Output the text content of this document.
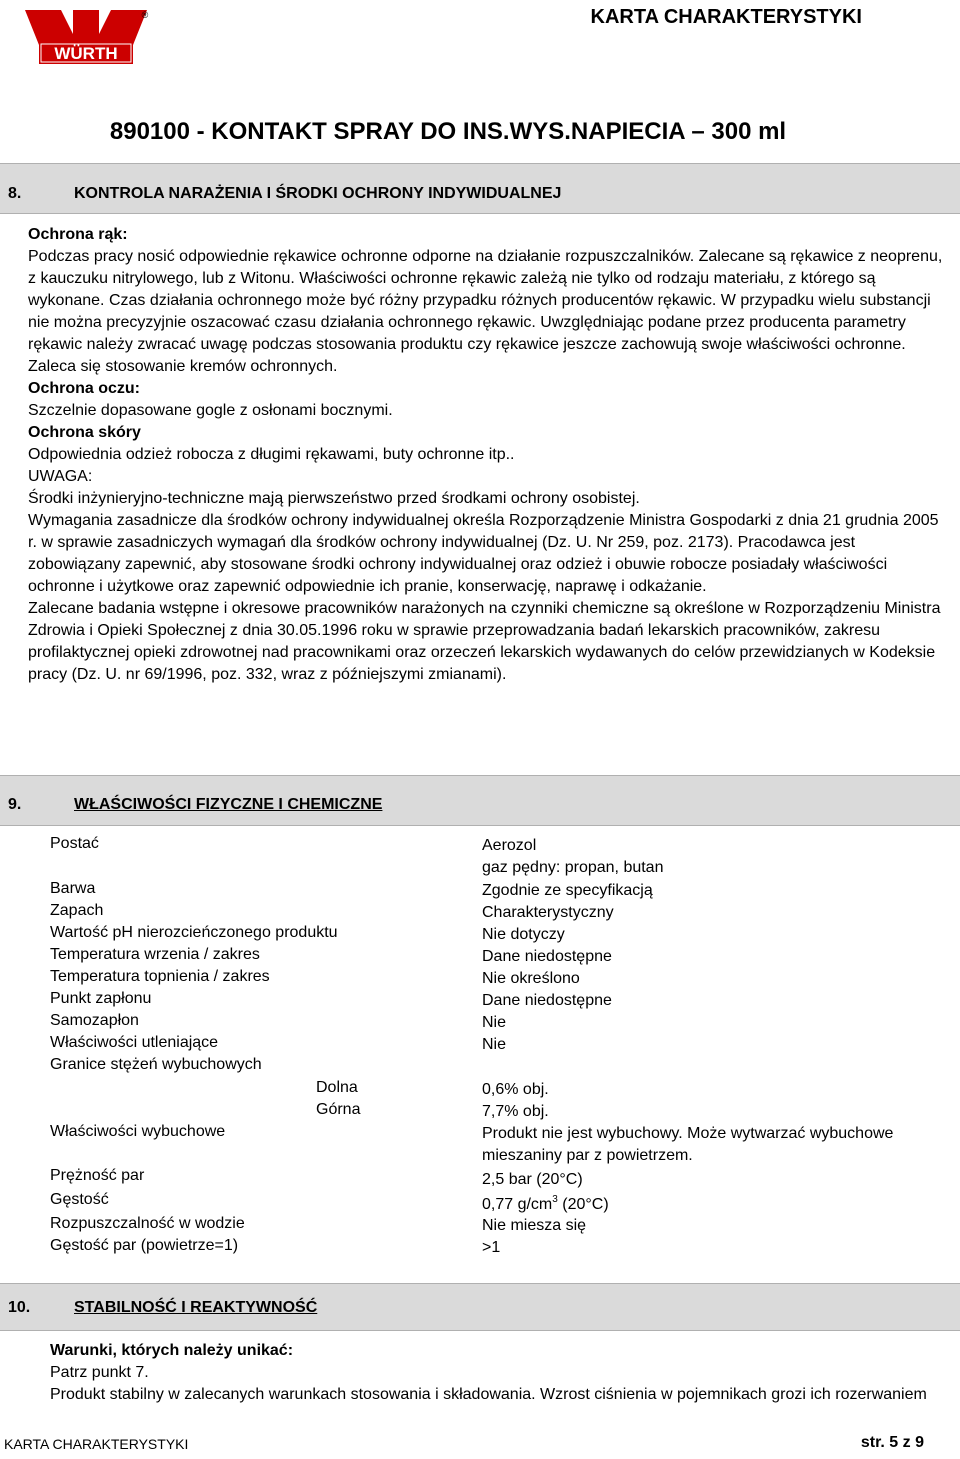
WÜRTH
®	KARTA CHARAKTERYSTYKI
890100 - KONTAKT SPRAY DO INS.WYS.NAPIECIA – 300 ml
8.	KONTROLA NARAŻENIA I ŚRODKI OCHRONY INDYWIDUALNEJ
Ochrona rąk:

Podczas pracy nosić odpowiednie rękawice ochronne odporne na działanie rozpuszczalników. Zalecane są rękawice z neoprenu, z kauczuku nitrylowego, lub z Witonu. Właściwości ochronne rękawic zależą nie tylko od rodzaju materiału, z którego są wykonane. Czas działania ochronnego może być różny przypadku różnych producentów rękawic. W przypadku wielu substancji nie można precyzyjnie oszacować czasu działania ochronnego rękawic. Uwzględniając podane przez producenta parametry rękawic należy zwracać uwagę podczas stosowania produktu czy rękawice jeszcze zachowują swoje właściwości ochronne. Zaleca się stosowanie kremów ochronnych.

Ochrona oczu:

Szczelnie dopasowane gogle z osłonami bocznymi.

Ochrona skóry

Odpowiednia odzież robocza z długimi rękawami, buty ochronne itp..

UWAGA:

Środki inżynieryjno-techniczne mają pierwszeństwo przed środkami ochrony osobistej.

Wymagania zasadnicze dla środków ochrony indywidualnej określa Rozporządzenie Ministra Gospodarki z dnia 21 grudnia 2005 r. w sprawie zasadniczych wymagań dla środków ochrony indywidualnej (Dz. U. Nr 259, poz. 2173). Pracodawca jest zobowiązany zapewnić, aby stosowane środki ochrony indywidualnej oraz odzież i obuwie robocze posiadały właściwości ochronne i użytkowe oraz zapewnić odpowiednie ich pranie, konserwację, naprawę i odkażanie.

Zalecane badania wstępne i okresowe pracowników narażonych na czynniki chemiczne są określone w Rozporządzeniu Ministra Zdrowia i Opieki Społecznej z dnia 30.05.1996 roku w sprawie przeprowadzania badań lekarskich pracowników, zakresu profilaktycznej opieki zdrowotnej nad pracownikami oraz orzeczeń lekarskich wydawanych do celów przewidzianych w Kodeksie pracy (Dz. U. nr 69/1996, poz. 332, wraz z późniejszymi zmianami).

9.	WŁAŚCIWOŚCI FIZYCZNE I CHEMICZNE
Postać	Aerozol
gaz pędny: propan, butan
Barwa	Zgodnie ze specyfikacją
Zapach	Charakterystyczny
Wartość pH nierozcieńczonego produktu	Nie dotyczy
Temperatura wrzenia / zakres	Dane niedostępne
Temperatura topnienia / zakres	Nie określono
Punkt zapłonu	Dane niedostępne
Samozapłon	Nie
Właściwości utleniające	Nie
Granice stężeń wybuchowych
Dolna	0,6% obj.
Górna	7,7% obj.
Właściwości wybuchowe	Produkt nie jest wybuchowy. Może wytwarzać wybuchowe mieszaniny par z powietrzem.
Prężność par	2,5 bar (20°C)
Gęstość	0,77 $g/cm^3$ (20°C)
Rozpuszczalność w wodzie	Nie miesza się
Gęstość par (powietrze=1)	>1
10.	STABILNOŚĆ I REAKTYWNOŚĆ
Warunki, których należy unikać:
Patrz punkt 7.
Produkt stabilny w zalecanych warunkach stosowania i składowania. Wzrost ciśnienia w pojemnikach grozi ich rozerwaniem
KARTA CHARAKTERYSTYKI	str. 5 z 9
